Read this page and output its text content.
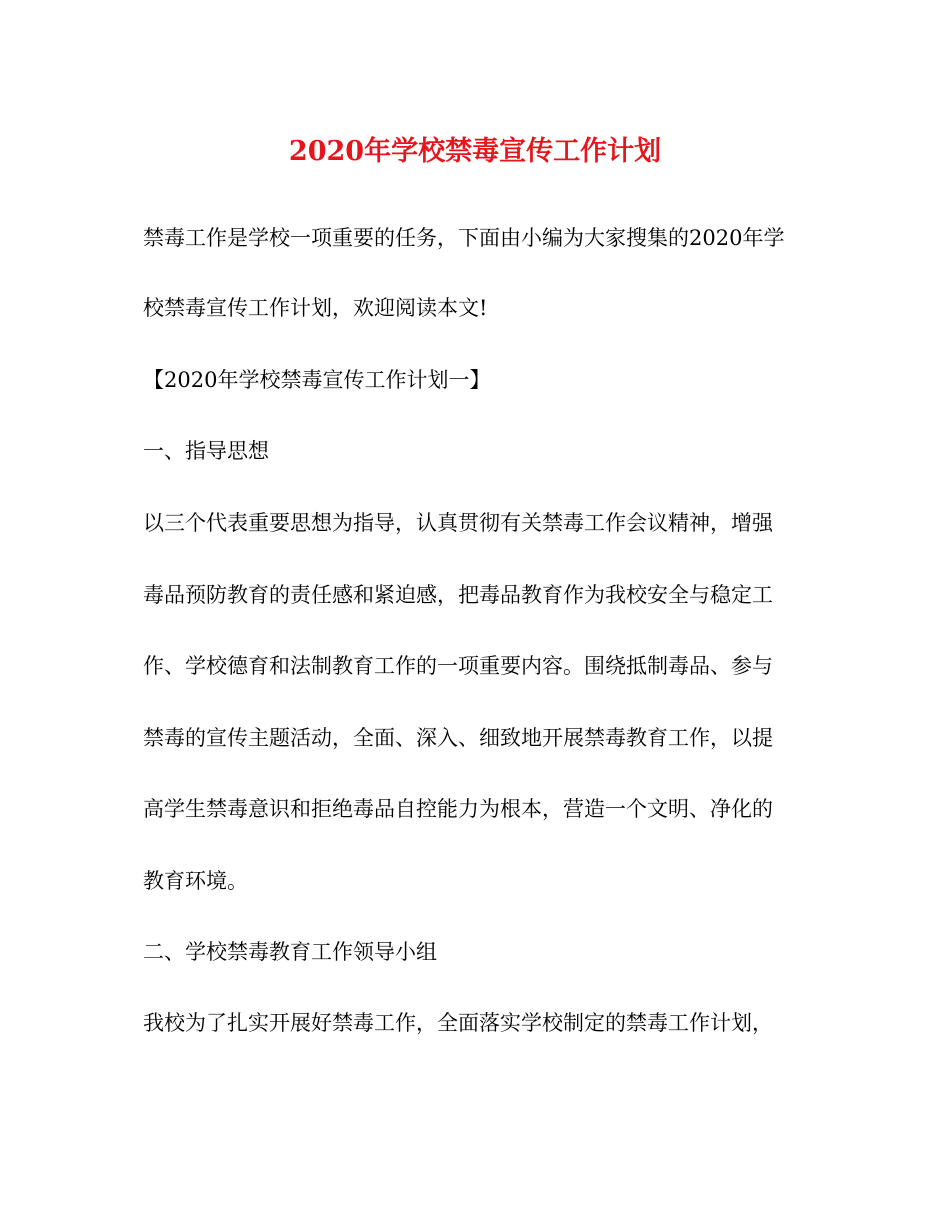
2020年学校禁毒宣传工作计划
禁毒工作是学校一项重要的任务，下面由小编为大家搜集的2020年学
校禁毒宣传工作计划，欢迎阅读本文!
【2020年学校禁毒宣传工作计划一】
一、指导思想
以三个代表重要思想为指导，认真贯彻有关禁毒工作会议精神，增强
毒品预防教育的责任感和紧迫感，把毒品教育作为我校安全与稳定工
作、学校德育和法制教育工作的一项重要内容。围绕抵制毒品、参与
禁毒的宣传主题活动，全面、深入、细致地开展禁毒教育工作，以提
高学生禁毒意识和拒绝毒品自控能力为根本，营造一个文明、净化的
教育环境。
二、学校禁毒教育工作领导小组
我校为了扎实开展好禁毒工作，全面落实学校制定的禁毒工作计划，
